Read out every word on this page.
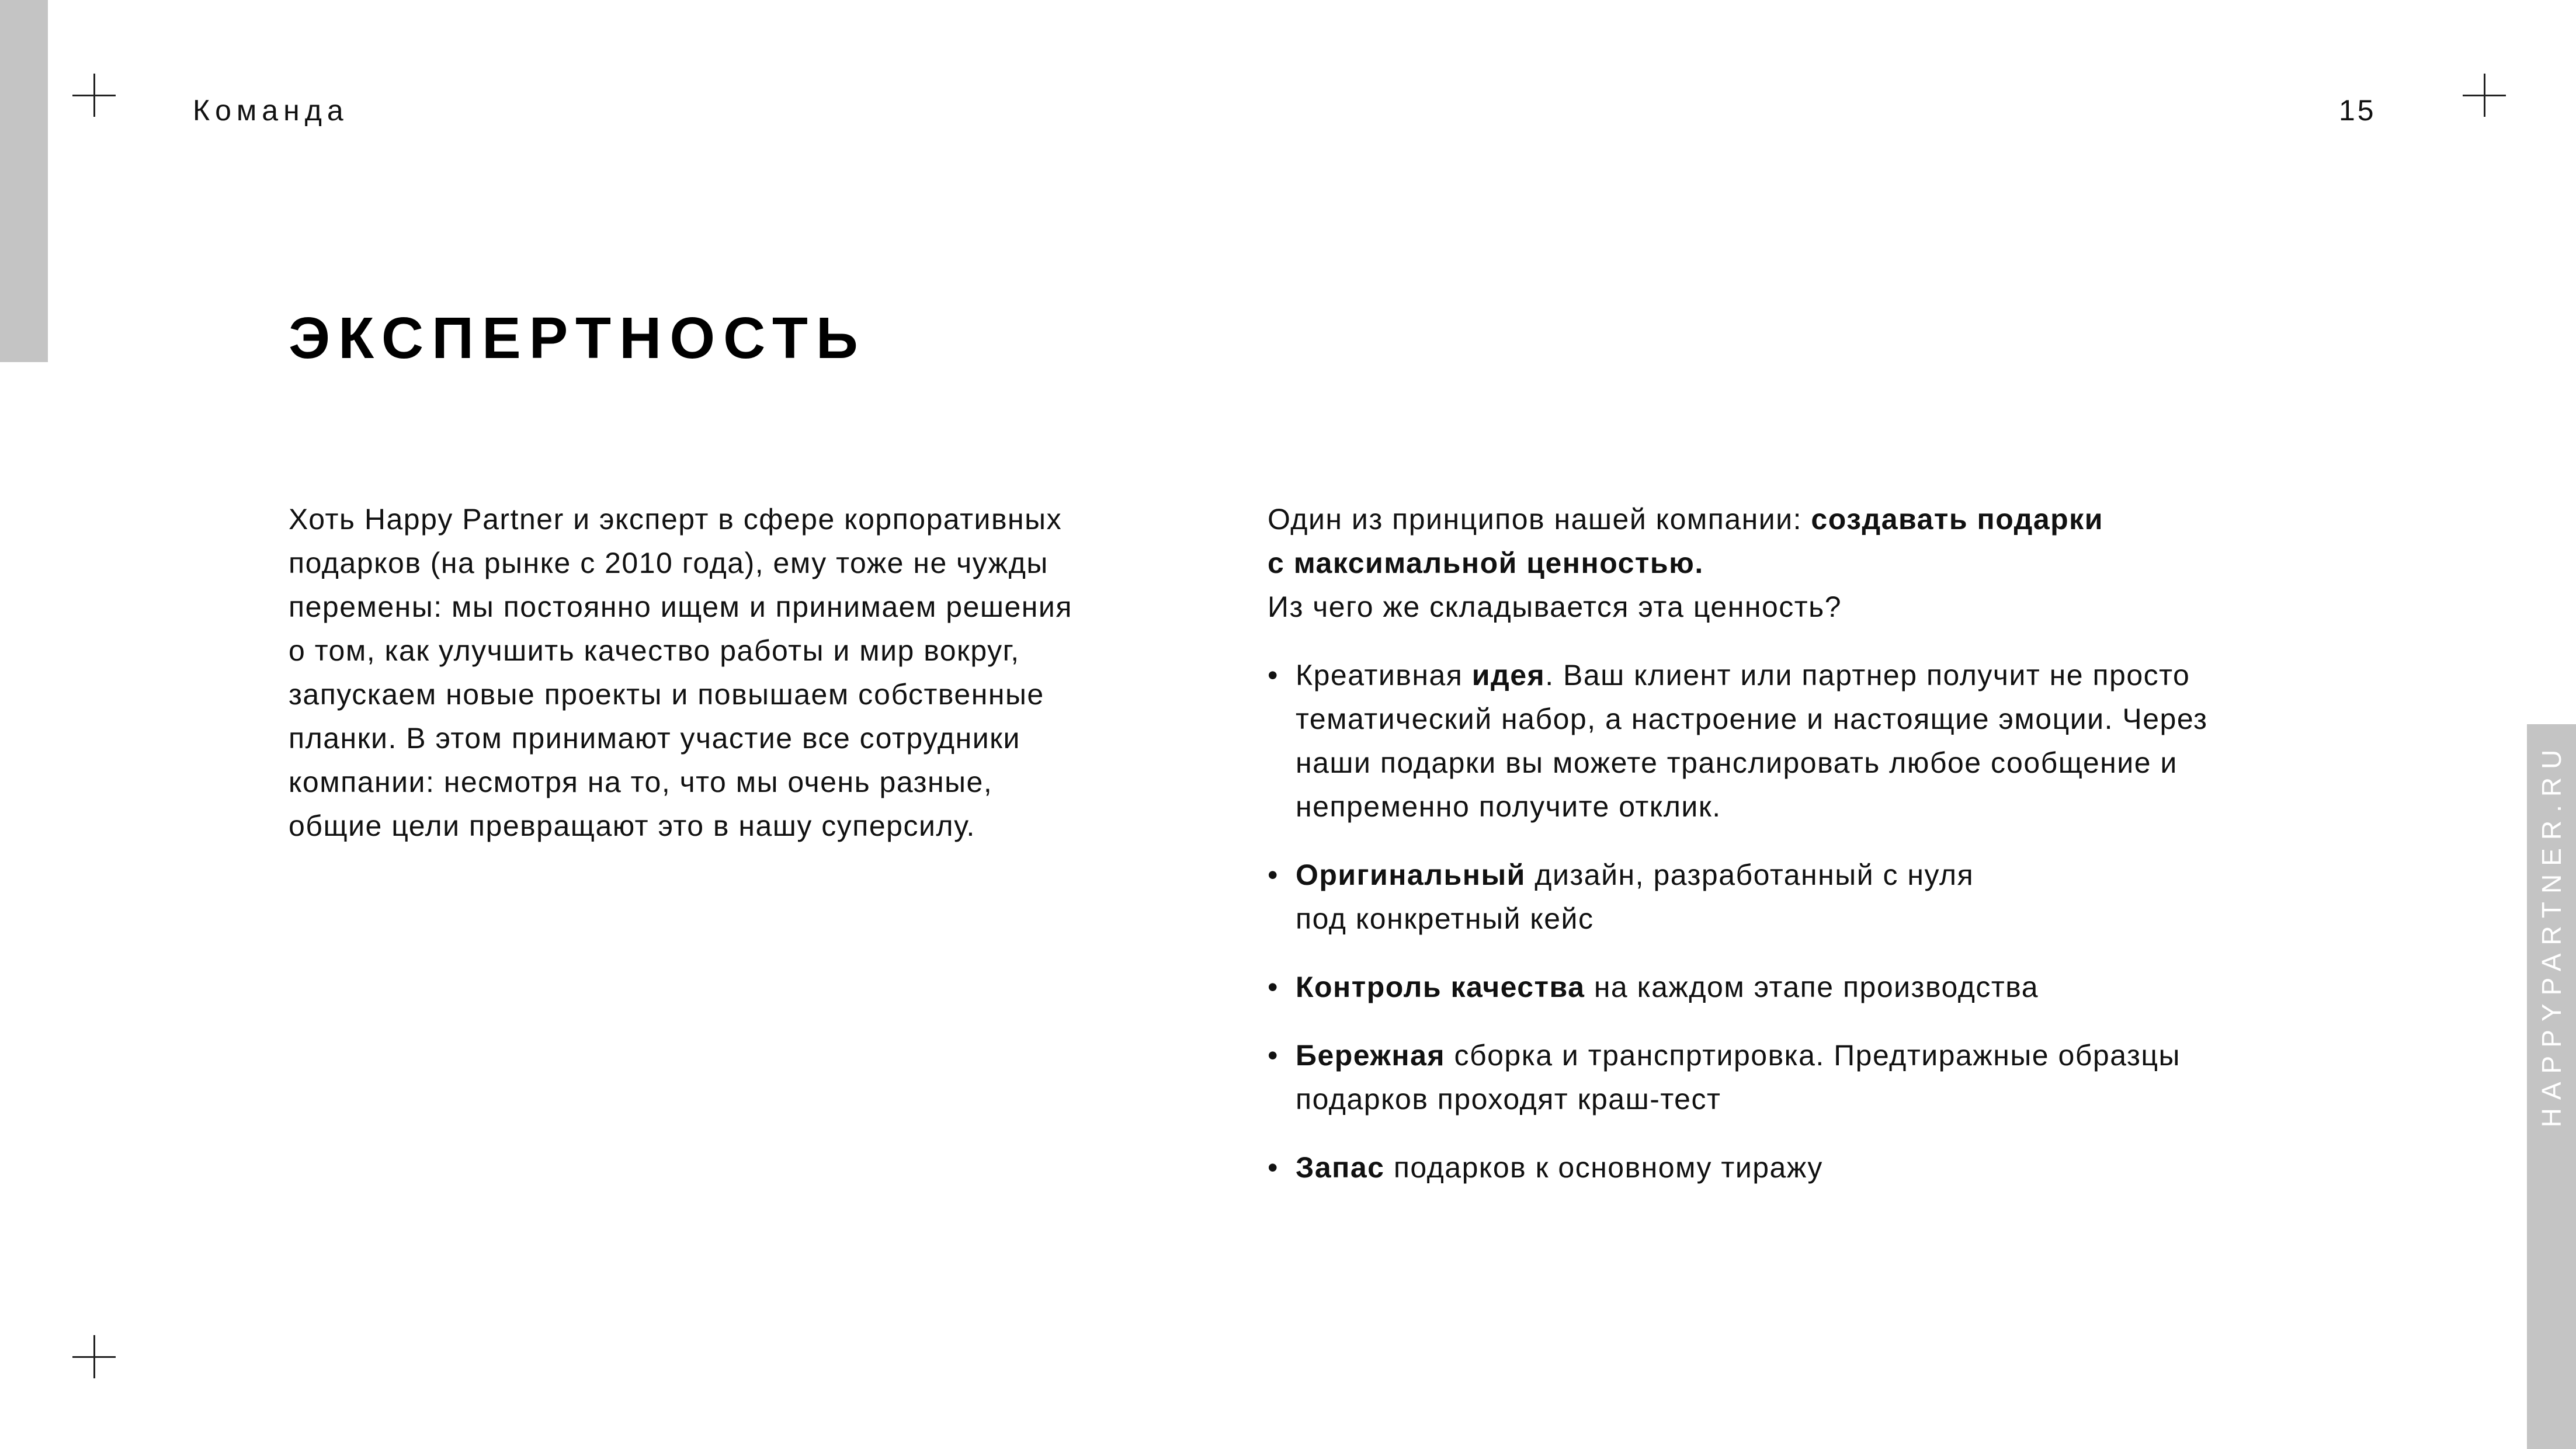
HAPPYPARTNER.RU
Команда	15
ЭКСПЕРТНОСТЬ

Хоть Happy Partner и эксперт в сфере корпоративных

подарков (на рынке с 2010 года), ему тоже не чужды

перемены: мы постоянно ищем и принимаем решения

о том, как улучшить качество работы и мир вокруг,

запускаем новые проекты и повышаем собственные

планки. В этом принимают участие все сотрудники

компании: несмотря на то, что мы очень разные,

общие цели превращают это в нашу суперсилу.

Один из принципов нашей компании: создавать подарки

с максимальной ценностью.

Из чего же складывается эта ценность?

• Креативная идея. Ваш клиент или партнер получит не просто
тематический набор, а настроение и настоящие эмоции. Через
наши подарки вы можете транслировать любое сообщение и
непременно получите отклик.
• Оригинальный дизайн, разработанный с нуля
под конкретный кейс
• Контроль качества на каждом этапе производства
• Бережная сборка и транспртировка. Предтиражные образцы
подарков проходят краш-тест
• Запас подарков к основному тиражу
